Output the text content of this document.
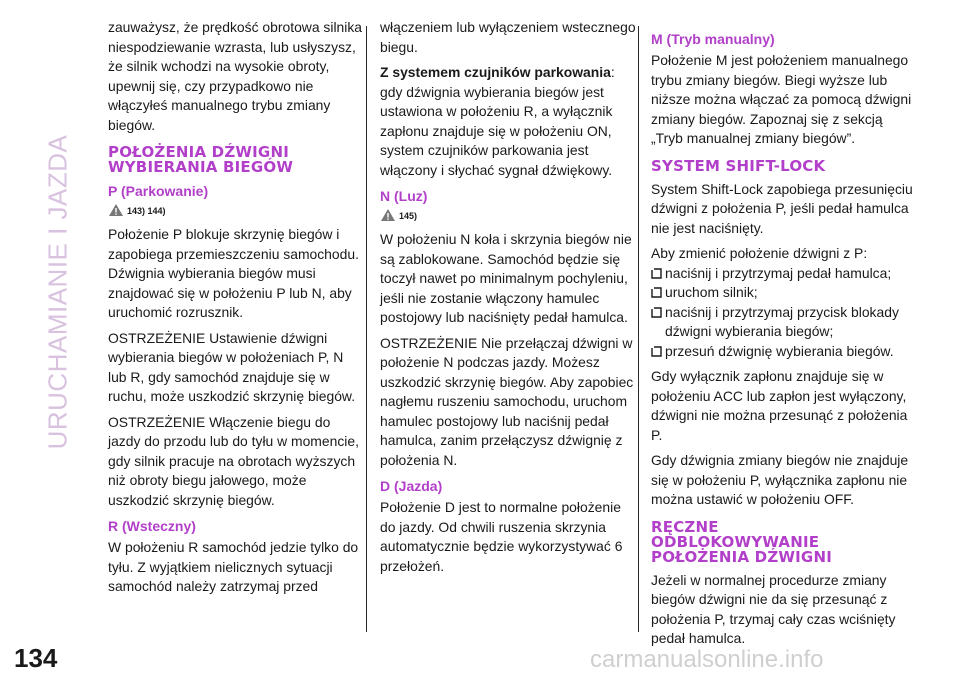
URUCHAMIANIE I JAZDA

zauważysz, że prędkość obrotowa silnika niespodziewanie wzrasta, lub usłyszysz, że silnik wchodzi na wysokie obroty, upewnij się, czy przypadkowo nie włączyłeś manualnego trybu zmiany biegów.

POŁOŻENIA DŹWIGNI
WYBIERANIA BIEGÓW
P (Parkowanie)
143) 144)

Położenie P blokuje skrzynię biegów i zapobiega przemieszczeniu samochodu. Dźwignia wybierania biegów musi znajdować się w położeniu P lub N, aby uruchomić rozrusznik.

OSTRZEŻENIE Ustawienie dźwigni wybierania biegów w położeniach P, N lub R, gdy samochód znajduje się w ruchu, może uszkodzić skrzynię biegów.

OSTRZEŻENIE Włączenie biegu do jazdy do przodu lub do tyłu w momencie, gdy silnik pracuje na obrotach wyższych niż obroty biegu jałowego, może uszkodzić skrzynię biegów.

R (Wsteczny)

W położeniu R samochód jedzie tylko do tyłu. Z wyjątkiem nielicznych sytuacji samochód należy zatrzymaj przed

włączeniem lub wyłączeniem wstecznego biegu.

Z systemem czujników parkowania: gdy dźwignia wybierania biegów jest ustawiona w położeniu R, a wyłącznik zapłonu znajduje się w położeniu ON, system czujników parkowania jest włączony i słychać sygnał dźwiękowy.

N (Luz)
145)

W położeniu N koła i skrzynia biegów nie są zablokowane. Samochód będzie się toczył nawet po minimalnym pochyleniu, jeśli nie zostanie włączony hamulec postojowy lub naciśnięty pedał hamulca.

OSTRZEŻENIE Nie przełączaj dźwigni w położenie N podczas jazdy. Możesz uszkodzić skrzynię biegów. Aby zapobiec nagłemu ruszeniu samochodu, uruchom hamulec postojowy lub naciśnij pedał hamulca, zanim przełączysz dźwignię z położenia N.

D (Jazda)

Położenie D jest to normalne położenie do jazdy. Od chwili ruszenia skrzynia automatycznie będzie wykorzystywać 6 przełożeń.

M (Tryb manualny)

Położenie M jest położeniem manualnego trybu zmiany biegów. Biegi wyższe lub niższe można włączać za pomocą dźwigni zmiany biegów. Zapoznaj się z sekcją „Tryb manualnej zmiany biegów”.

SYSTEM SHIFT-LOCK

System Shift-Lock zapobiega przesunięciu dźwigni z położenia P, jeśli pedał hamulca nie jest naciśnięty.

Aby zmienić położenie dźwigni z P:

naciśnij i przytrzymaj pedał hamulca;

uruchom silnik;

naciśnij i przytrzymaj przycisk blokady dźwigni wybierania biegów;

przesuń dźwignię wybierania biegów.

Gdy wyłącznik zapłonu znajduje się w położeniu ACC lub zapłon jest wyłączony, dźwigni nie można przesunąć z położenia P.

Gdy dźwignia zmiany biegów nie znajduje się w położeniu P, wyłącznika zapłonu nie można ustawić w położeniu OFF.

RĘCZNE
ODBLOKOWYWANIE
POŁOŻENIA DŹWIGNI

Jeżeli w normalnej procedurze zmiany biegów dźwigni nie da się przesunąć z położenia P, trzymaj cały czas wciśnięty pedał hamulca.

134	carmanualsonline.info
